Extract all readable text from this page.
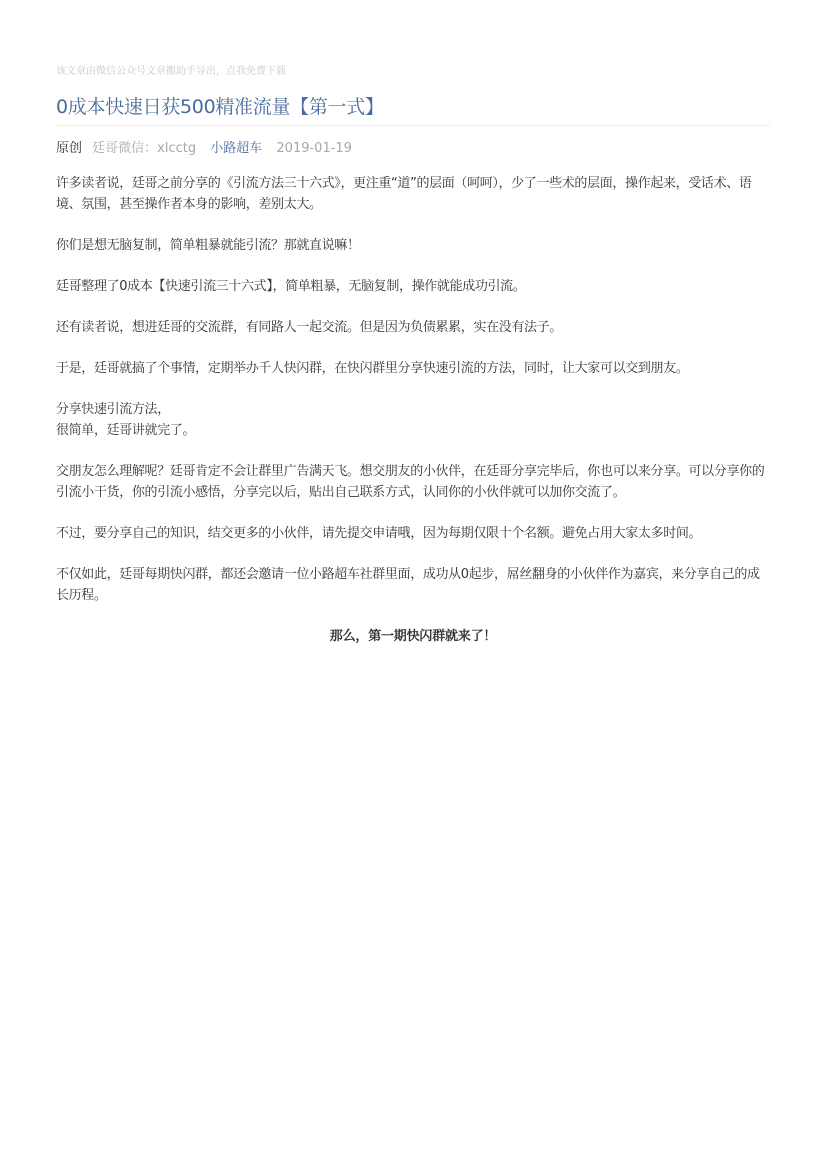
该文章由微信公众号文章搬助手导出，点我免费下载

0成本快速日获500精准流量【第一式】
原创 廷哥微信：xlcctg 小路超车 2019-01-19

许多读者说，廷哥之前分享的《引流方法三十六式》，更注重“道”的层面（呵呵），少了一些术的层面，操作起来，受话术、语境、氛围，甚至操作者本身的影响，差别太大。

你们是想无脑复制，简单粗暴就能引流？那就直说嘛！

廷哥整理了0成本【快速引流三十六式】，简单粗暴，无脑复制，操作就能成功引流。

还有读者说，想进廷哥的交流群，有同路人一起交流。但是因为负债累累，实在没有法子。

于是，廷哥就搞了个事情，定期举办千人快闪群，在快闪群里分享快速引流的方法，同时，让大家可以交到朋友。

分享快速引流方法，
很简单，廷哥讲就完了。

交朋友怎么理解呢？廷哥肯定不会让群里广告满天飞。想交朋友的小伙伴，在廷哥分享完毕后，你也可以来分享。可以分享你的引流小干货，你的引流小感悟，分享完以后，贴出自己联系方式，认同你的小伙伴就可以加你交流了。

不过，要分享自己的知识，结交更多的小伙伴，请先提交申请哦，因为每期仅限十个名额。避免占用大家太多时间。

不仅如此，廷哥每期快闪群，都还会邀请一位小路超车社群里面，成功从0起步，屌丝翻身的小伙伴作为嘉宾，来分享自己的成长历程。

那么，第一期快闪群就来了！
